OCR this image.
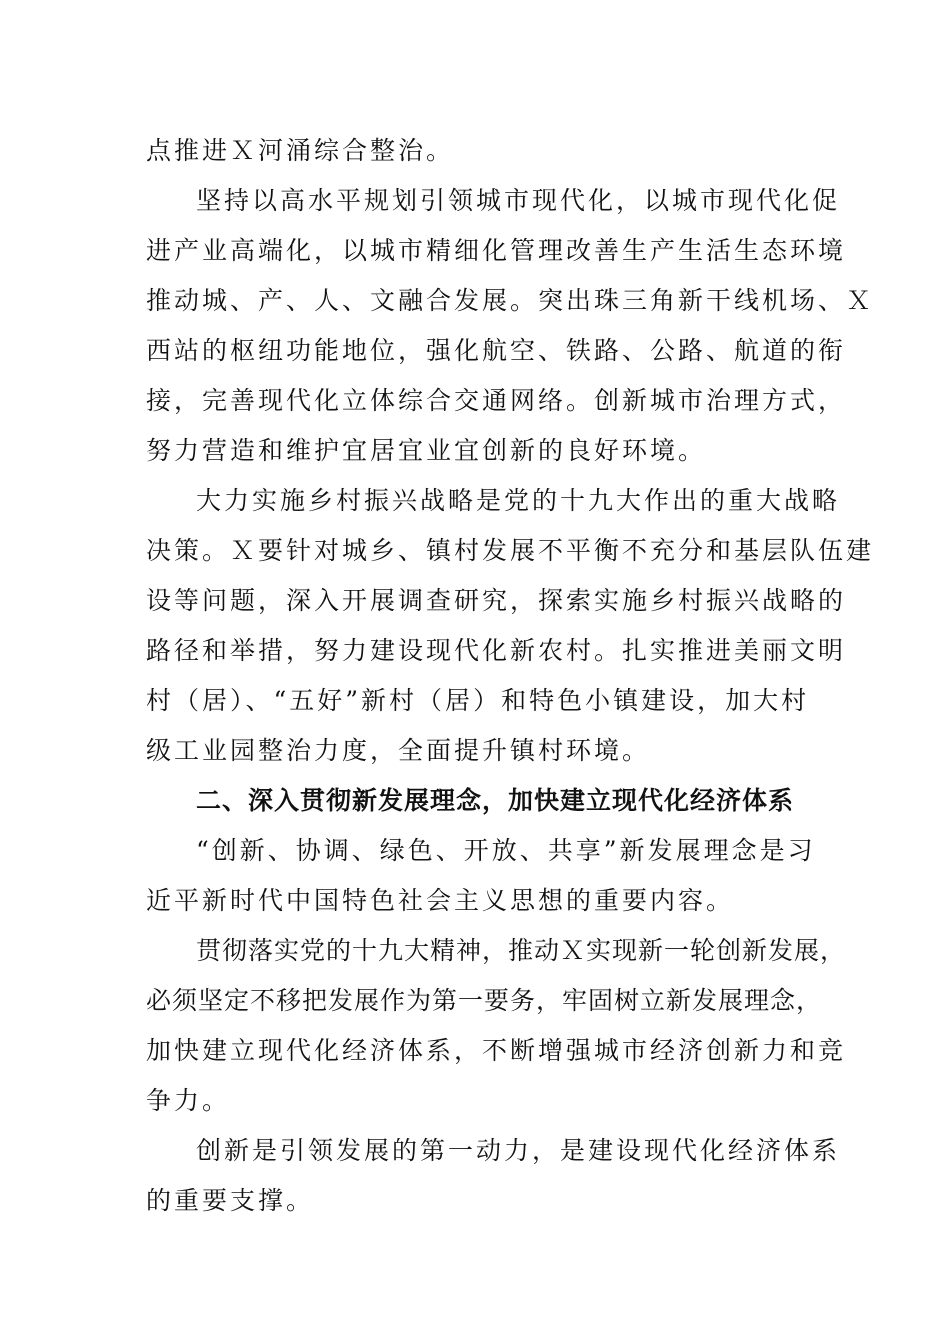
点推进Ｘ河涌综合整治。
坚持以高水平规划引领城市现代化，以城市现代化促
进产业高端化，以城市精细化管理改善生产生活生态环境
推动城、产、人、文融合发展。突出珠三角新干线机场、Ｘ
西站的枢纽功能地位，强化航空、铁路、公路、航道的衔
接，完善现代化立体综合交通网络。创新城市治理方式，
努力营造和维护宜居宜业宜创新的良好环境。
大力实施乡村振兴战略是党的十九大作出的重大战略
决策。Ｘ要针对城乡、镇村发展不平衡不充分和基层队伍建
设等问题，深入开展调查研究，探索实施乡村振兴战略的
路径和举措，努力建设现代化新农村。扎实推进美丽文明
村（居）、“五好”新村（居）和特色小镇建设，加大村
级工业园整治力度，全面提升镇村环境。
二、深入贯彻新发展理念，加快建立现代化经济体系
“创新、协调、绿色、开放、共享”新发展理念是习
近平新时代中国特色社会主义思想的重要内容。
贯彻落实党的十九大精神，推动Ｘ实现新一轮创新发展，
必须坚定不移把发展作为第一要务，牢固树立新发展理念，
加快建立现代化经济体系，不断增强城市经济创新力和竞
争力。
创新是引领发展的第一动力，是建设现代化经济体系
的重要支撑。
